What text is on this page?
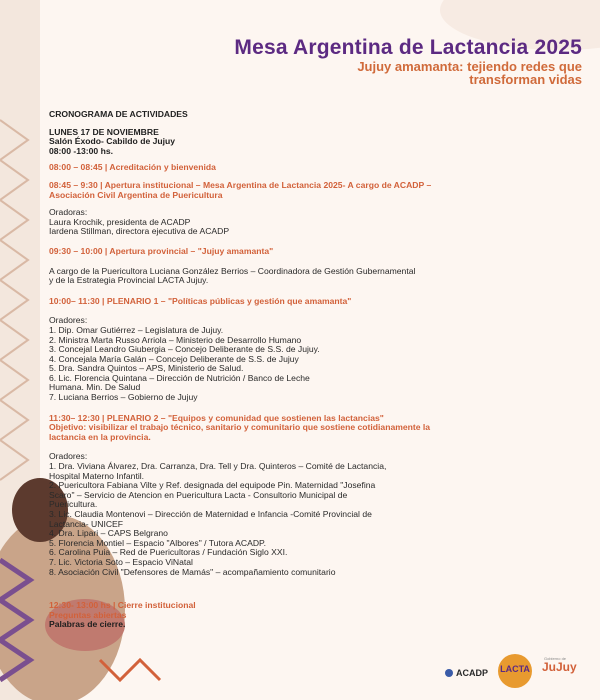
Mesa Argentina de Lactancia 2025
Jujuy amamanta: tejiendo redes que
transforman vidas
CRONOGRAMA DE ACTIVIDADES
LUNES 17 DE NOVIEMBRE
Salón Éxodo- Cabildo de Jujuy
08:00 -13:00 hs.
08:00 – 08:45 | Acreditación y bienvenida
08:45 – 9:30 | Apertura institucional – Mesa Argentina de Lactancia 2025- A cargo de ACADP –
Asociación Civil Argentina de Puericultura
Oradoras:
Laura Krochik, presidenta de ACADP
Iardena Stillman, directora ejecutiva de ACADP
09:30 – 10:00 | Apertura provincial – "Jujuy amamanta"
A cargo de la Puericultora Luciana González Berrios – Coordinadora de Gestión Gubernamental
y de la Estrategia Provincial LACTA Jujuy.
10:00– 11:30 | PLENARIO 1 – "Políticas públicas y gestión que amamanta"
Oradores:
1. Dip. Omar Gutiérrez – Legislatura de Jujuy.
2. Ministra Marta Russo Arriola – Ministerio de Desarrollo Humano
3. Concejal Leandro Giubergia – Concejo Deliberante de S.S. de Jujuy.
4. Concejala María Galán – Concejo Deliberante de S.S. de Jujuy
5. Dra. Sandra Quintos – APS, Ministerio de Salud.
6. Lic. Florencia Quintana – Dirección de Nutrición / Banco de Leche
Humana. Min. De Salud
7. Luciana Berrios – Gobierno de Jujuy
11:30– 12:30 | PLENARIO 2 – "Equipos y comunidad que sostienen las lactancias"
Objetivo: visibilizar el trabajo técnico, sanitario y comunitario que sostiene cotidianamente la
lactancia en la provincia.
Oradores:
1. Dra. Viviana Álvarez, Dra. Carranza, Dra. Tell y Dra. Quinteros – Comité de Lactancia,
Hospital Materno Infantil.
2. Puericultora Fabiana Vilte y Ref. designada del equipode Pin. Maternidad "Josefina
Scaro" – Servicio de Atencion en Puericultura Lacta - Consultorio Municipal de
Puericultura.
3. Lic. Claudia Montenovi – Dirección de Maternidad e Infancia -Comité Provincial de
Lactancia- UNICEF
4. Dra. Lipari – CAPS Belgrano
5. Florencia Montiel – Espacio "Albores" / Tutora ACADP.
6. Carolina Puia – Red de Puericultoras / Fundación Siglo XXI.
7. Lic. Victoria Soto – Espacio ViNatal
8. Asociación Civil "Defensores de Mamás" – acompañamiento comunitario
12:30- 13:00 hs | Cierre institucional
Preguntas abiertas
Palabras de cierre.
ACADP LACTA
Gobierno de
JuJuy
